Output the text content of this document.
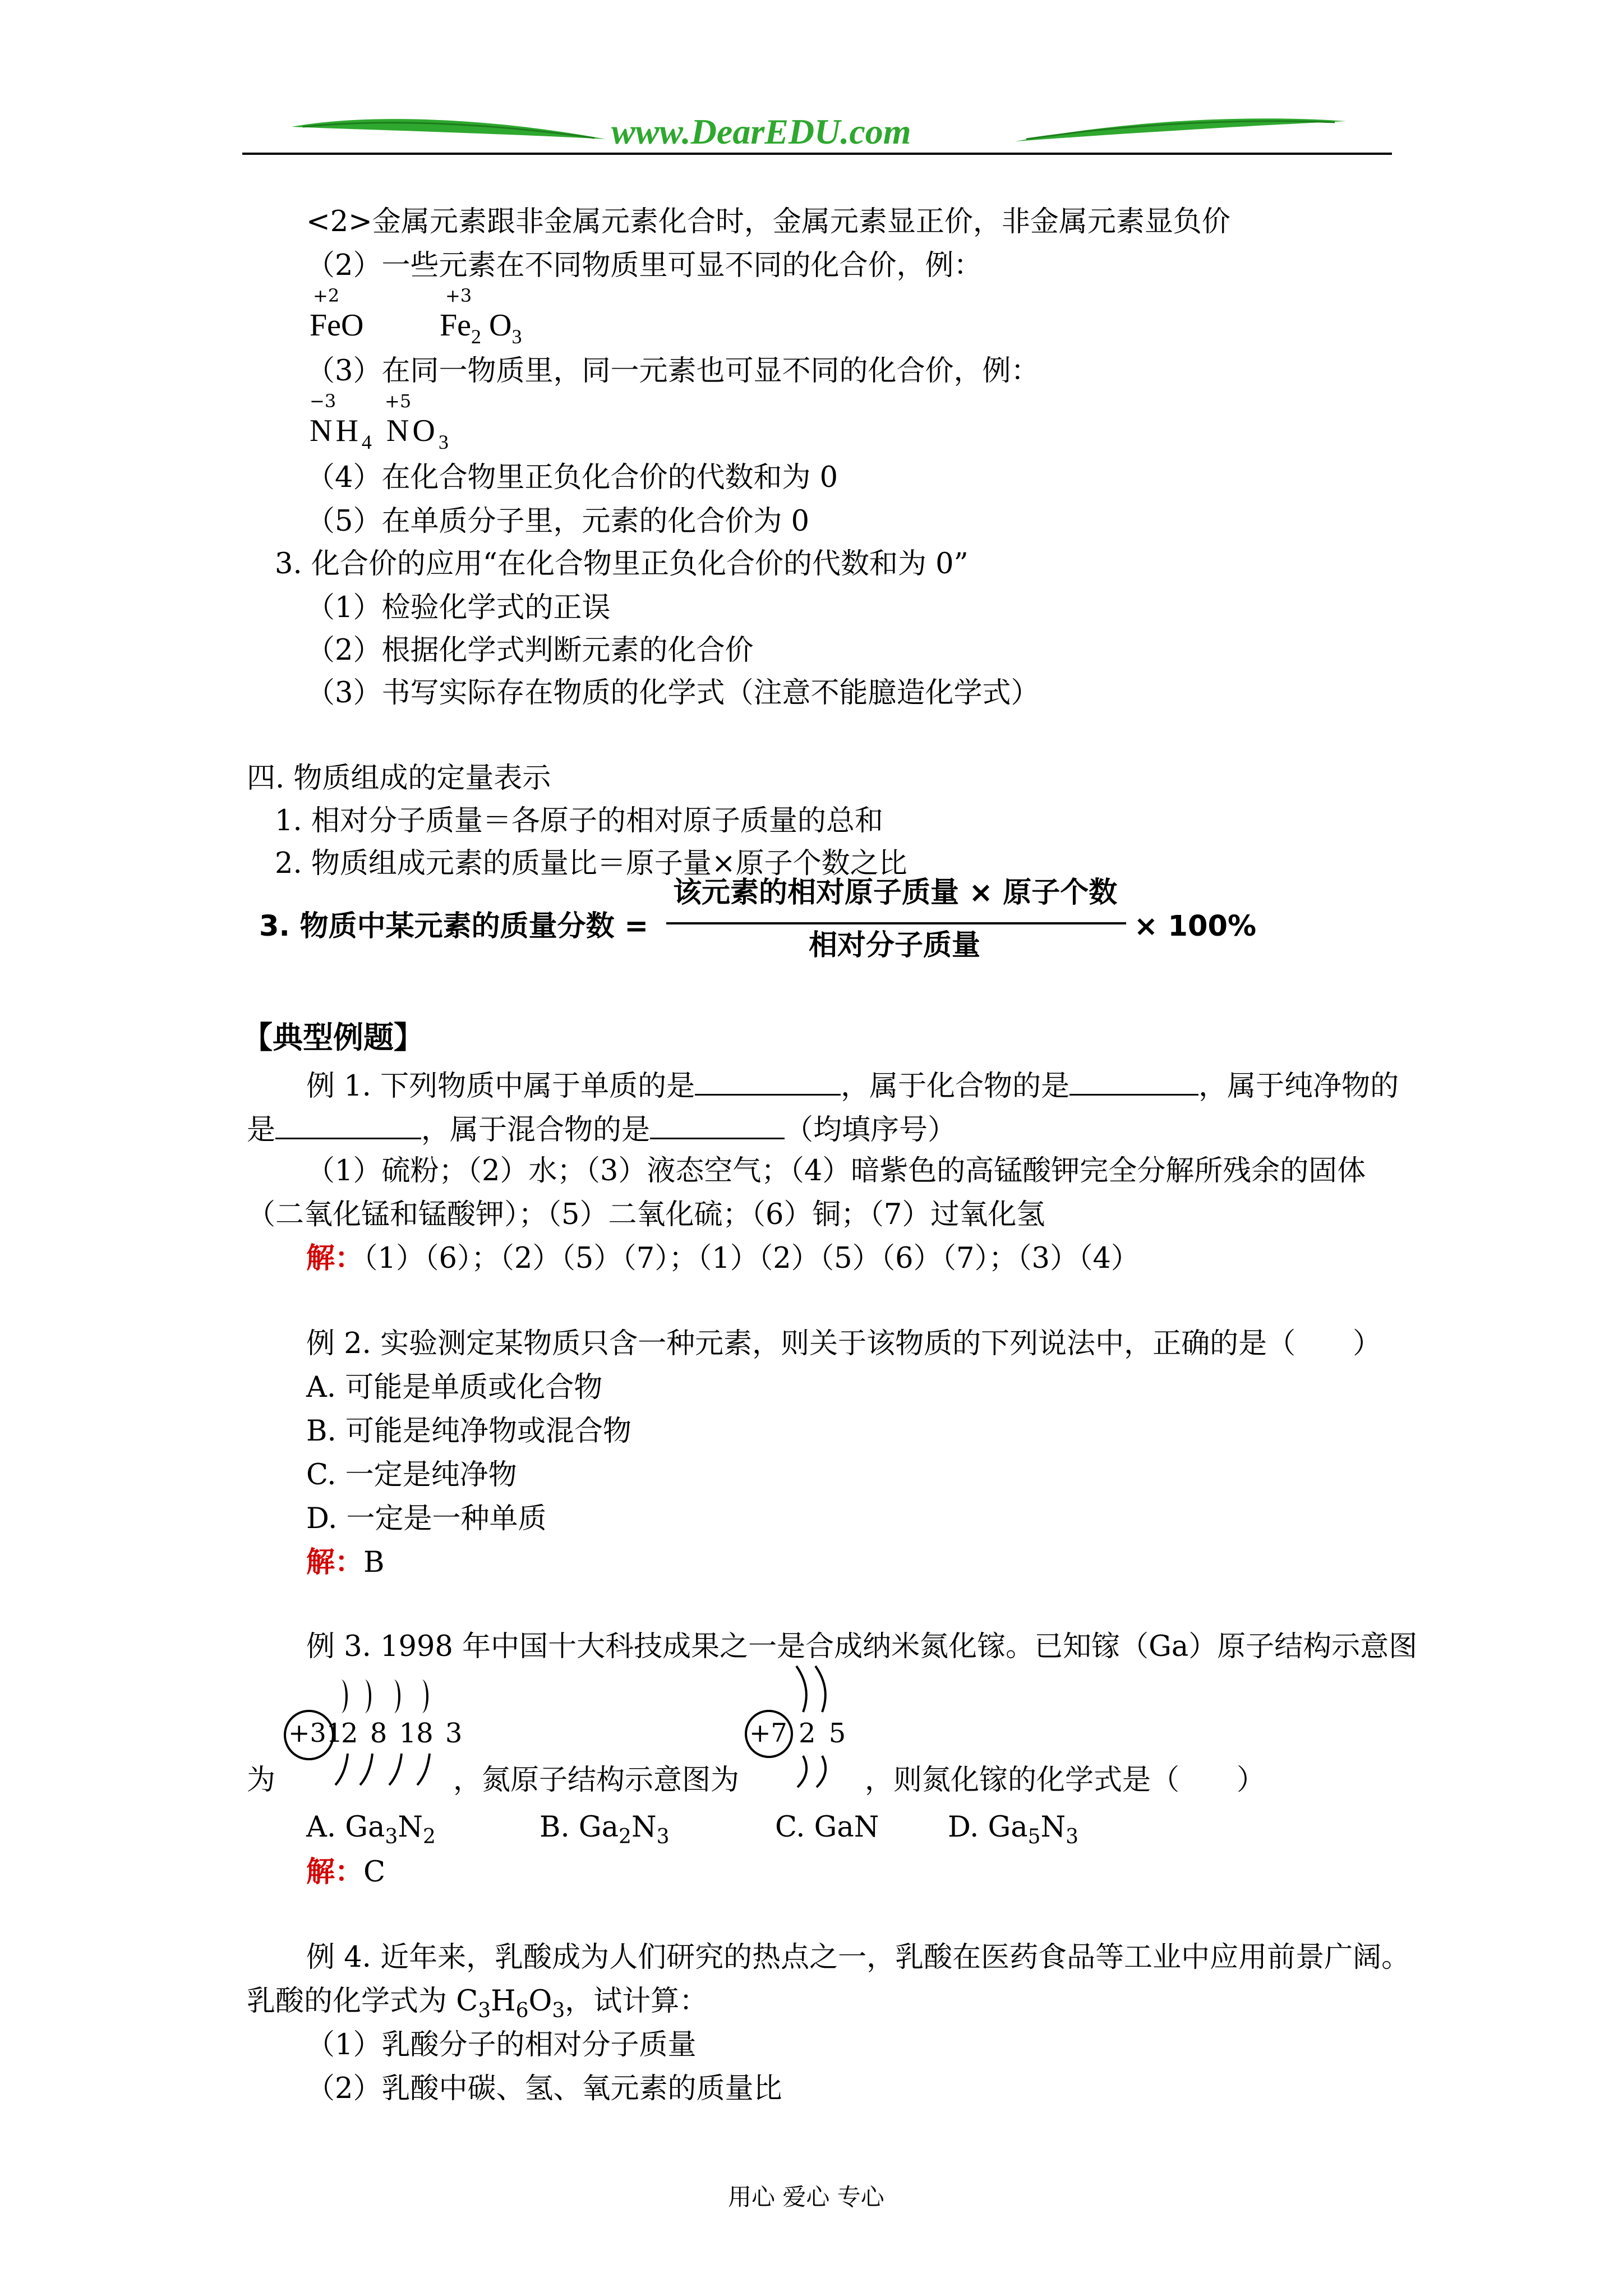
www.DearEDU.com
<2>金属元素跟非金属元素化合时，金属元素显正价，非金属元素显负价
（2）一些元素在不同物质里可显不同的化合价，例：
+2
FeO
+3
$Fe_2$ $O_3$
（3）在同一物质里，同一元素也可显不同的化合价，例：
−3	+5
$NH_4$ $NO_3$
（4）在化合物里正负化合价的代数和为 0
（5）在单质分子里，元素的化合价为 0
3. 化合价的应用“在化合物里正负化合价的代数和为 0”
（1）检验化学式的正误
（2）根据化学式判断元素的化合价
（3）书写实际存在物质的化学式（注意不能臆造化学式）
四. 物质组成的定量表示
1. 相对分子质量＝各原子的相对原子质量的总和
2. 物质组成元素的质量比＝原子量×原子个数之比
3. 物质中某元素的质量分数 =
该元素的相对原子质量 × 原子个数
相对分子质量
× 100%
【典型例题】
例 1. 下列物质中属于单质的是	，属于化合物的是	，属于纯净物的
是	，属于混合物的是	（均填序号）
（1）硫粉；（2）水；（3）液态空气；（4）暗紫色的高锰酸钾完全分解所残余的固体
（二氧化锰和锰酸钾）；（5）二氧化硫；（6）铜；（7）过氧化氢
解：（1）（6）；（2）（5）（7）；（1）（2）（5）（6）（7）；（3）（4）
例 2. 实验测定某物质只含一种元素，则关于该物质的下列说法中，正确的是（　　）
A. 可能是单质或化合物
B. 可能是纯净物或混合物
C. 一定是纯净物
D. 一定是一种单质
解：B
例 3. 1998 年中国十大科技成果之一是合成纳米氮化镓。已知镓（Ga）原子结构示意图
+31
2 8 18 3	+7 2 5
为	，氮原子结构示意图为	，则氮化镓的化学式是（　　）
A. $Ga_3N_2$	B. $Ga_2N_3$	C. GaN D. $Ga_5N_3$
解：C
例 4. 近年来，乳酸成为人们研究的热点之一，乳酸在医药食品等工业中应用前景广阔。
乳酸的化学式为 $C_3H_6O_3$，试计算：
（1）乳酸分子的相对分子质量
（2）乳酸中碳、氢、氧元素的质量比
用心 爱心 专心
